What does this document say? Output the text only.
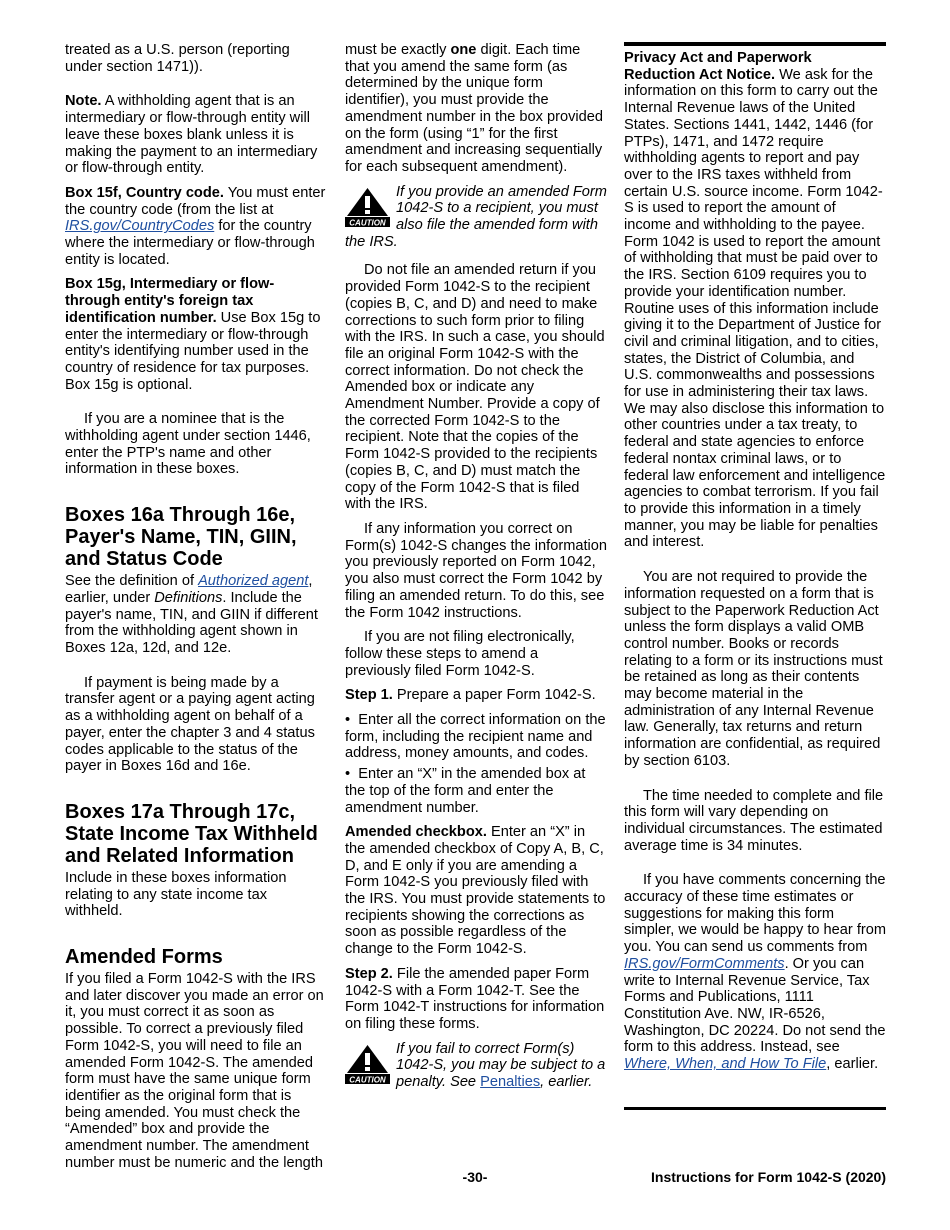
treated as a U.S. person (reporting under section 1471)).

Note. A withholding agent that is an intermediary or flow-through entity will leave these boxes blank unless it is making the payment to an intermediary or flow-through entity.

Box 15f, Country code. You must enter the country code (from the list at IRS.gov/CountryCodes for the country where the intermediary or flow-through entity is located.

Box 15g, Intermediary or flow-through entity's foreign tax identification number. Use Box 15g to enter the intermediary or flow-through entity's identifying number used in the country of residence for tax purposes. Box 15g is optional.

If you are a nominee that is the withholding agent under section 1446, enter the PTP's name and other information in these boxes.

Boxes 16a Through 16e, Payer's Name, TIN, GIIN, and Status Code

See the definition of Authorized agent, earlier, under Definitions. Include the payer's name, TIN, and GIIN if different from the withholding agent shown in Boxes 12a, 12d, and 12e.

If payment is being made by a transfer agent or a paying agent acting as a withholding agent on behalf of a payer, enter the chapter 3 and 4 status codes applicable to the status of the payer in Boxes 16d and 16e.

Boxes 17a Through 17c, State Income Tax Withheld and Related Information

Include in these boxes information relating to any state income tax withheld.

Amended Forms

If you filed a Form 1042-S with the IRS and later discover you made an error on it, you must correct it as soon as possible. To correct a previously filed Form 1042-S, you will need to file an amended Form 1042-S. The amended form must have the same unique form identifier as the original form that is being amended. You must check the “Amended” box and provide the amendment number. The amendment number must be numeric and the length

must be exactly one digit. Each time that you amend the same form (as determined by the unique form identifier), you must provide the amendment number in the box provided on the form (using “1” for the first amendment and increasing sequentially for each subsequent amendment).

CAUTION
If you provide an amended Form 1042-S to a recipient, you must also file the amended form with the IRS.

Do not file an amended return if you provided Form 1042-S to the recipient (copies B, C, and D) and need to make corrections to such form prior to filing with the IRS. In such a case, you should file an original Form 1042-S with the correct information. Do not check the Amended box or indicate any Amendment Number. Provide a copy of the corrected Form 1042-S to the recipient. Note that the copies of the Form 1042-S provided to the recipients (copies B, C, and D) must match the copy of the Form 1042-S that is filed with the IRS.

If any information you correct on Form(s) 1042-S changes the information you previously reported on Form 1042, you also must correct the Form 1042 by filing an amended return. To do this, see the Form 1042 instructions.

If you are not filing electronically, follow these steps to amend a previously filed Form 1042-S.

Step 1. Prepare a paper Form 1042-S.

•  Enter all the correct information on the form, including the recipient name and address, money amounts, and codes.

•  Enter an “X” in the amended box at the top of the form and enter the amendment number.

Amended checkbox. Enter an “X” in the amended checkbox of Copy A, B, C, D, and E only if you are amending a Form 1042-S you previously filed with the IRS. You must provide statements to recipients showing the corrections as soon as possible regardless of the change to the Form 1042-S.

Step 2. File the amended paper Form 1042-S with a Form 1042-T. See the Form 1042-T instructions for information on filing these forms.

CAUTION
If you fail to correct Form(s) 1042-S, you may be subject to a penalty. See Penalties, earlier.

Privacy Act and Paperwork Reduction Act Notice. We ask for the information on this form to carry out the Internal Revenue laws of the United States. Sections 1441, 1442, 1446 (for PTPs), 1471, and 1472 require withholding agents to report and pay over to the IRS taxes withheld from certain U.S. source income. Form 1042-S is used to report the amount of income and withholding to the payee. Form 1042 is used to report the amount of withholding that must be paid over to the IRS. Section 6109 requires you to provide your identification number. Routine uses of this information include giving it to the Department of Justice for civil and criminal litigation, and to cities, states, the District of Columbia, and U.S. commonwealths and possessions for use in administering their tax laws. We may also disclose this information to other countries under a tax treaty, to federal and state agencies to enforce federal nontax criminal laws, or to federal law enforcement and intelligence agencies to combat terrorism. If you fail to provide this information in a timely manner, you may be liable for penalties and interest.

You are not required to provide the information requested on a form that is subject to the Paperwork Reduction Act unless the form displays a valid OMB control number. Books or records relating to a form or its instructions must be retained as long as their contents may become material in the administration of any Internal Revenue law. Generally, tax returns and return information are confidential, as required by section 6103.

The time needed to complete and file this form will vary depending on individual circumstances. The estimated average time is 34 minutes.

If you have comments concerning the accuracy of these time estimates or suggestions for making this form simpler, we would be happy to hear from you. You can send us comments from IRS.gov/FormComments. Or you can write to Internal Revenue Service, Tax Forms and Publications, 1111 Constitution Ave. NW, IR-6526, Washington, DC 20224. Do not send the form to this address. Instead, see Where, When, and How To File, earlier.

-30-	Instructions for Form 1042-S (2020)
